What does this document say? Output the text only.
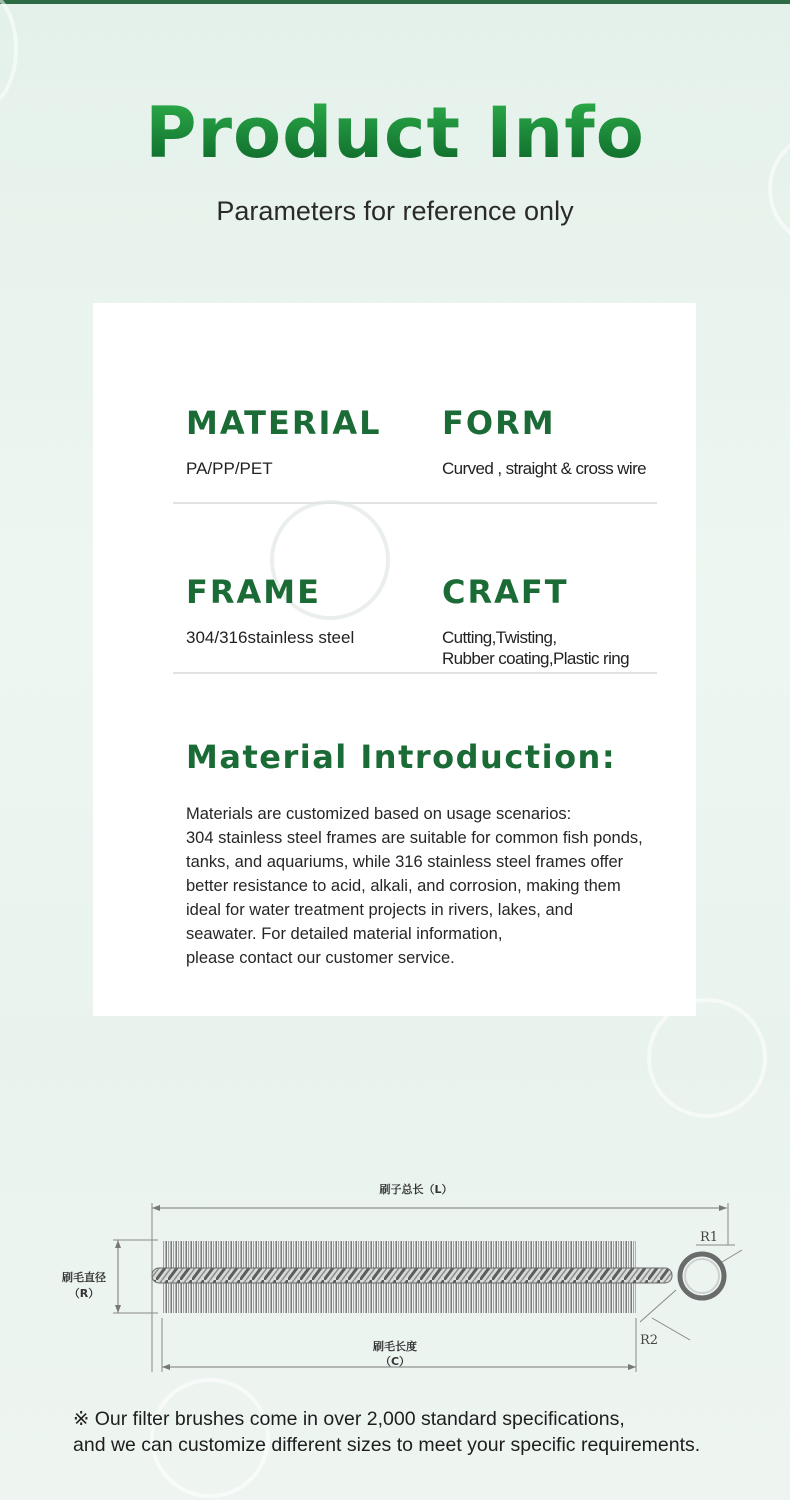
Product Info
Parameters for reference only
MATERIAL
PA/PP/PET
FORM
Curved , straight & cross wire
FRAME
304/316stainless steel
CRAFT
Cutting,Twisting,
Rubber coating,Plastic ring
Material Introduction:
Materials are customized based on usage scenarios:
304 stainless steel frames are suitable for common fish ponds,
tanks, and aquariums, while 316 stainless steel frames offer
better resistance to acid, alkali, and corrosion, making them
ideal for water treatment projects in rivers, lakes, and
seawater. For detailed material information,
please contact our customer service.
刷子总长（L）
刷毛直径
（R）
刷毛长度
（C）
R1
R2
※ Our filter brushes come in over 2,000 standard specifications,
and we can customize different sizes to meet your specific requirements.
